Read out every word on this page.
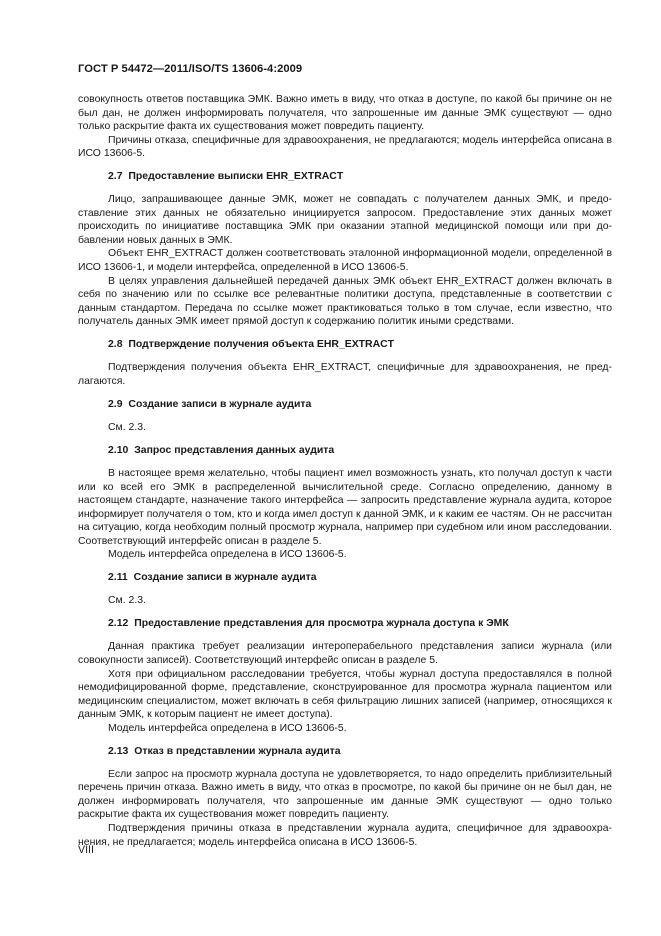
ГОСТ Р 54472—2011/ISO/TS 13606-4:2009

совокупность ответов поставщика ЭМК. Важно иметь в виду, что отказ в доступе, по какой бы причине он не был дан, не должен информировать получателя, что запрошенные им данные ЭМК существуют — одно только раскрытие факта их существования может повредить пациенту.

Причины отказа, специфичные для здравоохранения, не предлагаются; модель интерфейса описана в ИСО 13606-5.

2.7 Предоставление выписки EHR_EXTRACT

Лицо, запрашивающее данные ЭМК, может не совпадать с получателем данных ЭМК, и предоставление этих данных не обязательно инициируется запросом. Предоставление этих данных может происходить по инициативе поставщика ЭМК при оказании этапной медицинской помощи или при добавлении новых данных в ЭМК.

Объект EHR_EXTRACT должен соответствовать эталонной информационной модели, определенной в ИСО 13606-1, и модели интерфейса, определенной в ИСО 13606-5.

В целях управления дальнейшей передачей данных ЭМК объект EHR_EXTRACT должен включать в себя по значению или по ссылке все релевантные политики доступа, представленные в соответствии с данным стандартом. Передача по ссылке может практиковаться только в том случае, если известно, что получатель данных ЭМК имеет прямой доступ к содержанию политик иными средствами.

2.8 Подтверждение получения объекта EHR_EXTRACT

Подтверждения получения объекта EHR_EXTRACT, специфичные для здравоохранения, не предлагаются.

2.9 Создание записи в журнале аудита

См. 2.3.

2.10 Запрос представления данных аудита

В настоящее время желательно, чтобы пациент имел возможность узнать, кто получал доступ к части или ко всей его ЭМК в распределенной вычислительной среде. Согласно определению, данному в настоящем стандарте, назначение такого интерфейса — запросить представление журнала аудита, которое информирует получателя о том, кто и когда имел доступ к данной ЭМК, и к каким ее частям. Он не рассчитан на ситуацию, когда необходим полный просмотр журнала, например при судебном или ином расследовании. Соответствующий интерфейс описан в разделе 5.

Модель интерфейса определена в ИСО 13606-5.

2.11 Создание записи в журнале аудита

См. 2.3.

2.12 Предоставление представления для просмотра журнала доступа к ЭМК

Данная практика требует реализации интероперабельного представления записи журнала (или совокупности записей). Соответствующий интерфейс описан в разделе 5.

Хотя при официальном расследовании требуется, чтобы журнал доступа предоставлялся в полной немодифицированной форме, представление, сконструированное для просмотра журнала пациентом или медицинским специалистом, может включать в себя фильтрацию лишних записей (например, относящихся к данным ЭМК, к которым пациент не имеет доступа).

Модель интерфейса определена в ИСО 13606-5.

2.13 Отказ в представлении журнала аудита

Если запрос на просмотр журнала доступа не удовлетворяется, то надо определить приблизительный перечень причин отказа. Важно иметь в виду, что отказ в просмотре, по какой бы причине он не был дан, не должен информировать получателя, что запрошенные им данные ЭМК существуют — одно только раскрытие факта их существования может повредить пациенту.

Подтверждения причины отказа в представлении журнала аудита, специфичное для здравоохранения, не предлагается; модель интерфейса описана в ИСО 13606-5.

VIII
